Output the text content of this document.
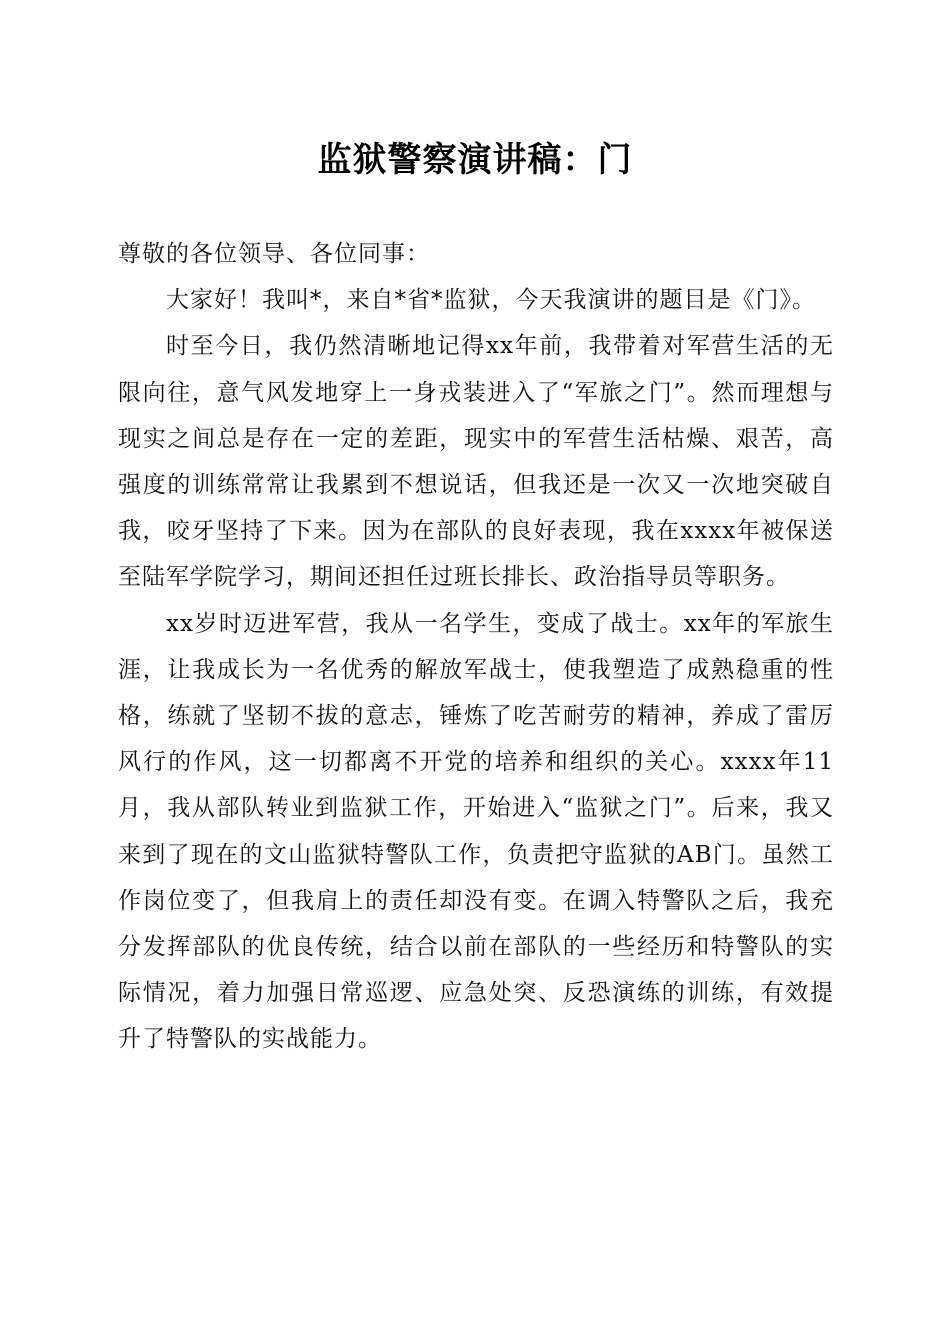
监狱警察演讲稿：门

尊敬的各位领导、各位同事：

大家好！我叫*，来自*省*监狱，今天我演讲的题目是《门》。

时至今日，我仍然清晰地记得xx年前，我带着对军营生活的无限向往，意气风发地穿上一身戎装进入了“军旅之门”。然而理想与现实之间总是存在一定的差距，现实中的军营生活枯燥、艰苦，高强度的训练常常让我累到不想说话，但我还是一次又一次地突破自我，咬牙坚持了下来。因为在部队的良好表现，我在xxxx年被保送至陆军学院学习，期间还担任过班长排长、政治指导员等职务。

xx岁时迈进军营，我从一名学生，变成了战士。xx年的军旅生涯，让我成长为一名优秀的解放军战士，使我塑造了成熟稳重的性格，练就了坚韧不拔的意志，锤炼了吃苦耐劳的精神，养成了雷厉风行的作风，这一切都离不开党的培养和组织的关心。xxxx年11月，我从部队转业到监狱工作，开始进入“监狱之门”。后来，我又来到了现在的文山监狱特警队工作，负责把守监狱的AB门。虽然工作岗位变了，但我肩上的责任却没有变。在调入特警队之后，我充分发挥部队的优良传统，结合以前在部队的一些经历和特警队的实际情况，着力加强日常巡逻、应急处突、反恐演练的训练，有效提升了特警队的实战能力。
